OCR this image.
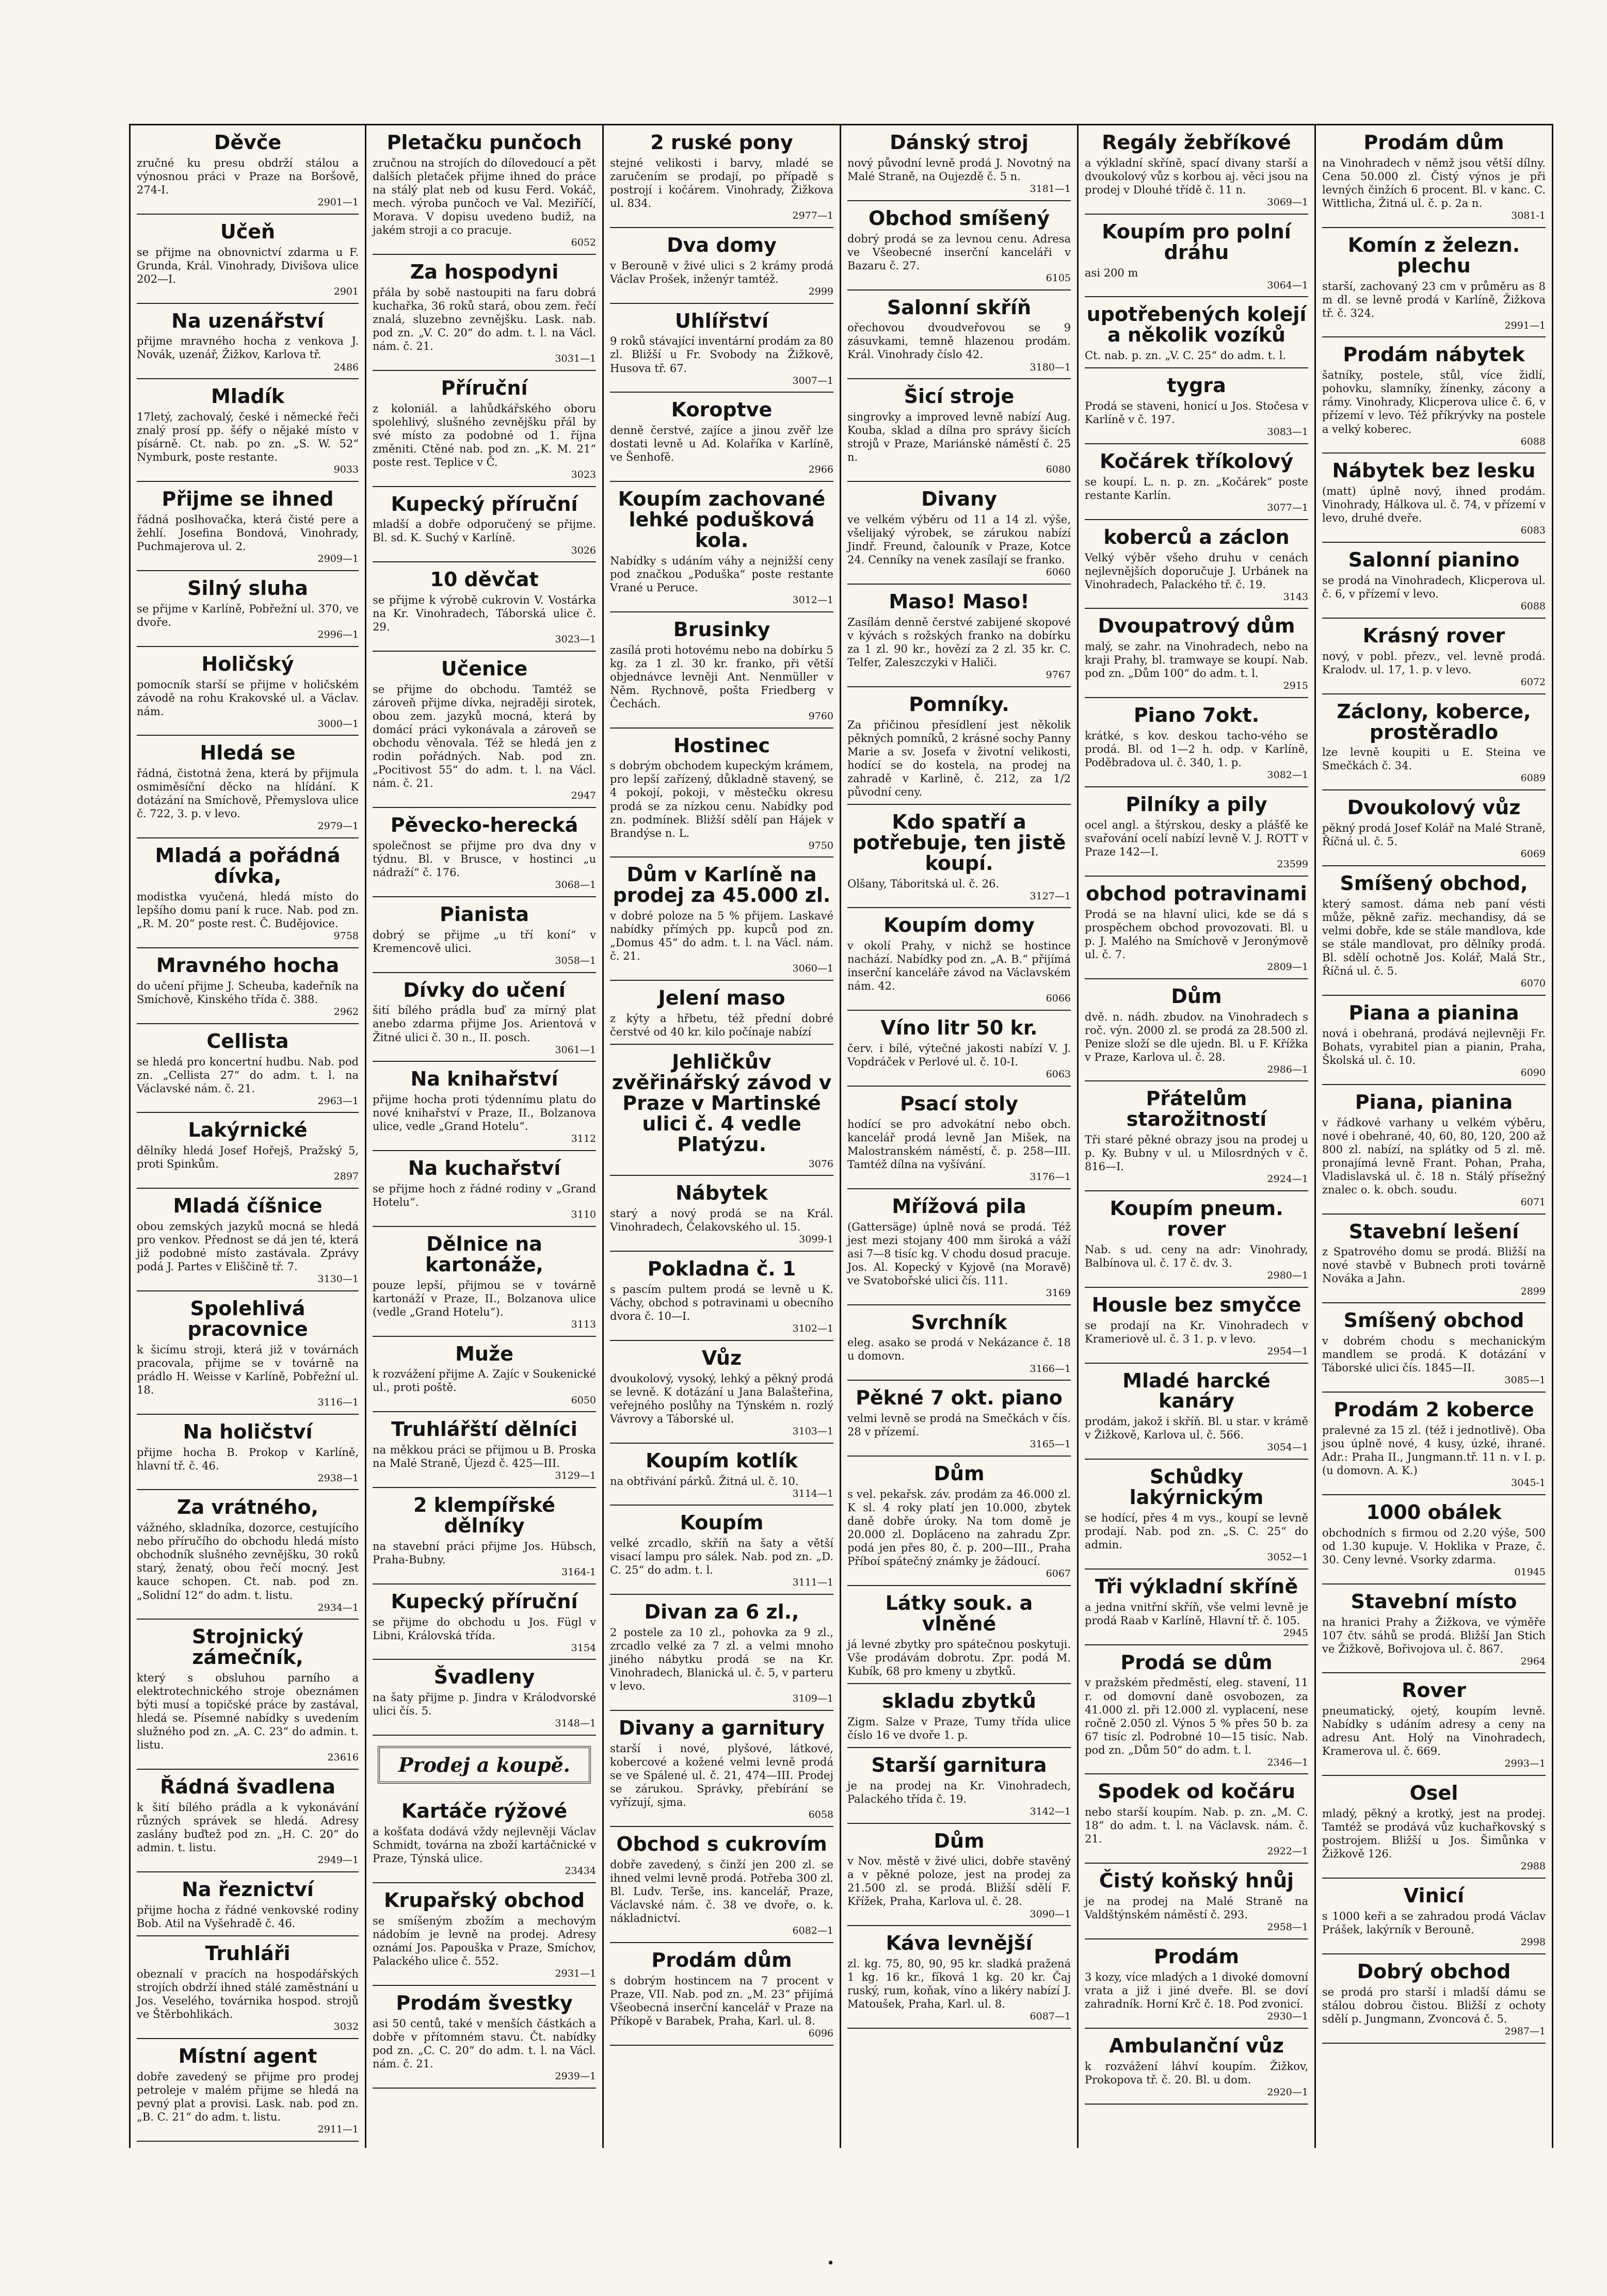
Děvče

zručné ku presu obdrží stálou a výnosnou práci v Praze na Boršově, 274-I.

2901—1
Učeň

se přijme na obnovnictví zdarma u F. Grunda, Král. Vinohrady, Divišova ulice 202—I.

2901
Na uzenářství

přijme mravného hocha z venkova J. Novák, uzenář, Žižkov, Karlova tř.

2486
Mladík

17letý, zachovalý, české i německé řeči znalý prosí pp. šéfy o nějaké místo v písárně. Ct. nab. po zn. „S. W. 52“ Nymburk, poste restante.

9033
Přijme se ihned

řádná poslhovačka, která čisté pere a žehlí. Josefina Bondová, Vinohrady, Puchmajerova ul. 2.

2909—1
Silný sluha

se přijme v Karlíně, Pobřežní ul. 370, ve dvoře.

2996—1
Holičský

pomocník starší se přijme v holičském závodě na rohu Krakovské ul. a Václav. nám.

3000—1
Hledá se

řádná, čistotná žena, která by přijmula osmiměsíční děcko na hlídání. K dotázání na Smíchově, Přemyslova ulice č. 722, 3. p. v levo.

2979—1
Mladá a pořádná dívka,

modistka vyučená, hledá místo do lepšího domu paní k ruce. Nab. pod zn. „R. M. 20“ poste rest. Č. Budějovice.

9758
Mravného hocha

do učení přijme J. Scheuba, kadeřník na Smíchově, Kinského třída č. 388.

2962
Cellista

se hledá pro koncertní hudbu. Nab. pod zn. „Cellista 27“ do adm. t. l. na Václavské nám. č. 21.

2963—1
Lakýrnické

dělníky hledá Josef Hořejš, Pražský 5, proti Spinkům.

2897
Mladá číšnice

obou zemských jazyků mocná se hledá pro venkov. Přednost se dá jen té, která již podobné místo zastávala. Zprávy podá J. Partes v Eliščině tř. 7.

3130—1
Spolehlivá pracovnice

k šicímu stroji, která již v továrnách pracovala, přijme se v továrně na prádlo H. Weisse v Karlíně, Pobřežní ul. 18.

3116—1
Na holičství

přijme hocha B. Prokop v Karlíně, hlavní tř. č. 46.

2938—1
Za vrátného,

vážného, skladníka, dozorce, cestujícího nebo příručího do obchodu hledá místo obchodník slušného zevnějšku, 30 roků starý, ženatý, obou řečí mocný. Jest kauce schopen. Ct. nab. pod zn. „Solidní 12“ do adm. t. listu.

2934—1
Strojnický zámečník,

který s obsluhou parního a elektrotechnického stroje obeznámen býti musí a topičské práce by zastával, hledá se. Písemné nabídky s uvedením služného pod zn. „A. C. 23“ do admin. t. listu.

23616
Řádná švadlena

k šití bílého prádla a k vykonávání různých správek se hledá. Adresy zaslány buďtež pod zn. „H. C. 20“ do admin. t. listu.

2949—1
Na řeznictví

přijme hocha z řádné venkovské rodiny Bob. Atil na Vyšehradě č. 46.

Truhláři

obeznalí v pracích na hospodářských strojích obdrží ihned stálé zaměstnání u Jos. Veselého, továrnika hospod. strojů ve Štěrbohlikách.

3032
Místní agent

dobře zavedený se přijme pro prodej petroleje v malém přijme se hledá na pevný plat a provisi. Lask. nab. pod zn. „B. C. 21“ do adm. t. listu.

2911—1
Pletačku punčoch

zručnou na strojích do dílovedoucí a pět dalších pletaček přijme ihned do práce na stálý plat neb od kusu Ferd. Vokáč, mech. výroba punčoch ve Val. Meziříčí, Morava. V dopisu uvedeno budiž, na jakém stroji a co pracuje.

6052
Za hospodyni

přála by sobě nastoupiti na faru dobrá kuchařka, 36 roků stará, obou zem. řečí znalá, sluzebno zevnějšku. Lask. nab. pod zn. „V. C. 20“ do adm. t. l. na Václ. nám. č. 21.

3031—1
Příruční

z koloniál. a lahůdkářského oboru spolehlivý, slušného zevnějšku přál by své místo za podobné od 1. října změniti. Ctěné nab. pod zn. „K. M. 21“ poste rest. Teplice v Č.

3023
Kupecký příruční

mladší a dobře odporučený se přijme. Bl. sd. K. Suchý v Karlíně.

3026
10 děvčat

se přijme k výrobě cukrovin V. Vostárka na Kr. Vinohradech, Táborská ulice č. 29.

3023—1
Učenice

se přijme do obchodu. Tamtéž se zároveň přijme dívka, nejraději sirotek, obou zem. jazyků mocná, která by domácí práci vykonávala a zároveň se obchodu věnovala. Též se hledá jen z rodin pořádných. Nab. pod zn. „Pocitivost 55“ do adm. t. l. na Václ. nám. č. 21.

2947
Pěvecko-herecká

společnost se přijme pro dva dny v týdnu. Bl. v Brusce, v hostinci „u nádraží“ č. 176.

3068—1
Pianista

dobrý se přijme „u tří koní“ v Kremencově ulici.

3058—1
Dívky do učení

šití bílého prádla buď za mírný plat anebo zdarma přijme Jos. Arientová v Žitné ulici č. 30 n., II. posch.

3061—1
Na knihařství

přijme hocha proti týdennímu platu do nové knihařství v Praze, II., Bolzanova ulice, vedle „Grand Hotelu“.

3112
Na kuchařství

se přijme hoch z řádné rodiny v „Grand Hotelu“.

3110
Dělnice na kartonáže,

pouze lepší, přijmou se v továrně kartonáží v Praze, II., Bolzanova ulice (vedle „Grand Hotelu“).

3113
Muže

k rozvážení přijme A. Zajíc v Soukenické ul., proti poště.

6050
Truhlářští dělníci

na měkkou práci se přijmou u B. Proska na Malé Straně, Újezd č. 425—III.

3129—1
2 klempířské dělníky

na stavební práci přijme Jos. Hübsch, Praha-Bubny.

3164-1
Kupecký příruční

se přijme do obchodu u Jos. Fügl v Libni, Královská třída.

3154
Švadleny

na šaty přijme p. Jindra v Králodvorské ulici čís. 5.

3148—1
Prodej a koupě.
Kartáče rýžové

a košťata dodává vždy nejlevněji Václav Schmidt, továrna na zboží kartáčnické v Praze, Týnská ulice.

23434
Krupařský obchod

se smíšeným zbožím a mechovým nádobím je levně na prodej. Adresy oznámí Jos. Papouška v Praze, Smíchov, Palackého ulice č. 552.

2931—1
Prodám švestky

asi 50 centů, také v menších částkách a dobře v přítomném stavu. Čt. nabídky pod zn. „C. C. 20“ do adm. t. l. na Václ. nám. č. 21.

2939—1
2 ruské pony

stejné velikosti i barvy, mladé se zaručením se prodají, po případě s postrojí i kočárem. Vinohrady, Žižkova ul. 834.

2977—1
Dva domy

v Berouně v živé ulici s 2 krámy prodá Václav Prošek, inženýr tamtéž.

2999
Uhlířství

9 roků stávající inventární prodám za 80 zl. Bližší u Fr. Svobody na Žižkově, Husova tř. 67.

3007—1
Koroptve

denně čerstvé, zajíce a jinou zvěř lze dostati levně u Ad. Kolaříka v Karlíně, ve Šenhofě.

2966
Koupím zachované lehké podušková kola.

Nabídky s udáním váhy a nejnižší ceny pod značkou „Poduška“ poste restante Vrané u Peruce.

3012—1
Brusinky

zasílá proti hotovému nebo na dobírku 5 kg. za 1 zl. 30 kr. franko, při větší objednávce levněji Ant. Nenmüller v Něm. Rychnově, pošta Friedberg v Čechách.

9760
Hostinec

s dobrým obchodem kupeckým krámem, pro lepší zařízený, důkladně stavený, se 4 pokojí, pokoji, v městečku okresu prodá se za nízkou cenu. Nabídky pod zn. podmínek. Bližší sdělí pan Hájek v Brandýse n. L.

9750
Dům v Karlíně na prodej za 45.000 zl.

v dobré poloze na 5 % přijem. Laskavé nabídky přímých pp. kupců pod zn. „Domus 45“ do adm. t. l. na Václ. nám. č. 21.

3060—1
Jelení maso

z kýty a hřbetu, též přední dobré čerstvé od 40 kr. kilo počínaje nabízí

Jehličkův zvěřinářský závod v Praze v Martinské ulici č. 4 vedle Platýzu.
3076
Nábytek

starý a nový prodá se na Král. Vinohradech, Čelakovského ul. 15.

3099-1
Pokladna č. 1

s pascím pultem prodá se levně u K. Váchy, obchod s potravinami u obecního dvora č. 10—I.

3102—1
Vůz

dvoukolový, vysoký, lehký a pěkný prodá se levně. K dotázání u Jana Balašteřina, veřejného poslůhy na Týnském n. rozlý Vávrovy a Táborské ul.

3103—1
Koupím kotlík

na obtřivání párků. Žitná ul. č. 10.

3114—1
Koupím

velké zrcadlo, skříň na šaty a větší visací lampu pro sálek. Nab. pod zn. „D. C. 25“ do adm. t. l.

3111—1
Divan za 6 zl.,

2 postele za 10 zl., pohovka za 9 zl., zrcadlo velké za 7 zl. a velmi mnoho jiného nábytku prodá se na Kr. Vinohradech, Blanická ul. č. 5, v parteru v levo.

3109—1
Divany a garnitury

starší i nové, plyšové, látkové, kobercové a kožené velmi levně prodá se ve Spálené ul. č. 21, 474—III. Prodej se zárukou. Správky, přebírání se vyřízují, sjma.

6058
Obchod s cukrovím

dobře zavedený, s činží jen 200 zl. se ihned velmi levně prodá. Potřeba 300 zl. Bl. Ludv. Terše, ins. kancelář, Praze, Václavské nám. č. 38 ve dvoře, o. k. nákladnictví.

6082—1
Prodám dům

s dobrým hostincem na 7 procent v Praze, VII. Nab. pod zn. „M. 23“ přijímá Všeobecná inserční kancelář v Praze na Příkopě v Barabek, Praha, Karl. ul. 8.

6096
Dánský stroj

nový původní levně prodá J. Novotný na Malé Straně, na Oujezdě č. 5 n.

3181—1
Obchod smíšený

dobrý prodá se za levnou cenu. Adresa ve Všeobecné inserční kanceláři v Bazaru č. 27.

6105
Salonní skříň

ořechovou dvoudveřovou se 9 zásuvkami, temně hlazenou prodám. Král. Vinohrady číslo 42.

3180—1
Šicí stroje

singrovky a improved levně nabízí Aug. Kouba, sklad a dílna pro správy šicích strojů v Praze, Mariánské náměstí č. 25 n.

6080
Divany

ve velkém výběru od 11 a 14 zl. výše, všelijaký výrobek, se zárukou nabízí Jindř. Freund, čalouník v Praze, Kotce 24. Cenníky na venek zasílají se franko.

6060
Maso! Maso!

Zasílám denně čerstvé zabijené skopové v kývách s rožských franko na dobírku za 1 zl. 90 kr., hovězí za 2 zl. 35 kr. C. Telfer, Zaleszczyki v Haliči.

9767
Pomníky.

Za přičinou přesídlení jest několik pěkných pomníků, 2 krásné sochy Panny Marie a sv. Josefa v životní velikosti, hodící se do kostela, na prodej na zahradě v Karlině, č. 212, za 1/2 původní ceny.

Kdo spatří a potřebuje, ten jistě koupí.

Olšany, Táboritská ul. č. 26.

3127—1
Koupím domy

v okolí Prahy, v nichž se hostince nachází. Nabídky pod zn. „A. B.“ přijímá inserční kanceláře závod na Václavském nám. 42.

6066
Víno litr 50 kr.

červ. i bílé, výtečné jakosti nabízí V. J. Vopdráček v Perlové ul. č. 10-I.

6063
Psací stoly

hodící se pro advokátní nebo obch. kancelář prodá levně Jan Mišek, na Malostranském náměstí, č. p. 258—III. Tamtéž dílna na vyšívání.

3176—1
Mřížová pila

(Gattersäge) úplně nová se prodá. Též jest mezi stojany 400 mm široká a váží asi 7—8 tisíc kg. V chodu dosud pracuje. Jos. Al. Kopecký v Kyjově (na Moravě) ve Svatobořské ulici čís. 111.

3169
Svrchník

eleg. asako se prodá v Nekázance č. 18 u domovn.

3166—1
Pěkné 7 okt. piano

velmi levně se prodá na Smečkách v čís. 28 v přízemí.

3165—1
Dům

s vel. pekařsk. záv. prodám za 46.000 zl. K sl. 4 roky platí jen 10.000, zbytek daně dobře úroky. Na tom domě je 20.000 zl. Dopláceno na zahradu Zpr. podá jen přes 80, č. p. 200—III., Praha Příboí spátečný známky je žádoucí.

6067
Látky souk. a vlněné

já levné zbytky pro spátečnou poskytuji. Vše prodávám dobrotu. Zpr. podá M. Kubík, 68 pro kmeny u zbytků.

skladu zbytků

Zigm. Salze v Praze, Tumy třída ulice číslo 16 ve dvoře 1. p.

Starší garnitura

je na prodej na Kr. Vinohradech, Palackého třída č. 19.

3142—1
Dům

v Nov. městě v živé ulici, dobře stavěný a v pěkné poloze, jest na prodej za 21.500 zl. se prodá. Bližší sdělí F. Křížek, Praha, Karlova ul. č. 28.

3090—1
Káva levnější

zl. kg. 75, 80, 90, 95 kr. sladká pražená 1 kg. 16 kr., fíková 1 kg. 20 kr. Čaj ruský, rum, koňak, víno a likéry nabízí J. Matoušek, Praha, Karl. ul. 8.

6087—1
Regály žebříkové

a výkladní skříně, spací divany starší a dvoukolový vůz s korbou aj. věci jsou na prodej v Dlouhé třídě č. 11 n.

3069—1
Koupím pro polní dráhu

asi 200 m

3064—1
upotřebených kolejí a několik vozíků

Ct. nab. p. zn. „V. C. 25“ do adm. t. l.

tygra

Prodá se staveni, honicí u Jos. Stočesa v Karlíně v č. 197.

3083—1
Kočárek tříkolový

se koupí. L. n. p. zn. „Kočárek“ poste restante Karlín.

3077—1
koberců a záclon

Velký výběr všeho druhu v cenách nejlevnějších doporučuje J. Urbánek na Vinohradech, Palackého tř. č. 19.

3143
Dvoupatrový dům

malý, se zahr. na Vinohradech, nebo na kraji Prahy, bl. tramwaye se koupí. Nab. pod zn. „Dům 100“ do adm. t. l.

2915
Piano 7okt.

krátké, s kov. deskou tacho-vého se prodá. Bl. od 1—2 h. odp. v Karlíně, Poděbradova ul. č. 340, 1. p.

3082—1
Pilníky a pily

ocel angl. a štýrskou, desky a plášťě ke svařování ocelí nabízí levně V. J. ROTT v Praze 142—I.

23599
obchod potravinami

Prodá se na hlavní ulici, kde se dá s prospěchem obchod provozovati. Bl. u p. J. Malého na Smíchově v Jeronýmově ul. č. 7.

2809—1
Dům

dvě. n. nádh. zbudov. na Vinohradech s roč. výn. 2000 zl. se prodá za 28.500 zl. Penize složí se dle ujedn. Bl. u F. Křížka v Praze, Karlova ul. č. 28.

2986—1
Přátelům starožitností

Tři staré pěkné obrazy jsou na prodej u p. Ky. Bubny v ul. u Milosrdných v č. 816—I.

2924—1
Koupím pneum. rover

Nab. s ud. ceny na adr: Vinohrady, Balbínova ul. č. 17 č. dv. 3.

2980—1
Housle bez smyčce

se prodají na Kr. Vinohradech v Krameriově ul. č. 3 1. p. v levo.

2954—1
Mladé harcké kanáry

prodám, jakož i skříň. Bl. u star. v krámě v Žižkově, Karlova ul. č. 566.

3054—1
Schůdky lakýrnickým

se hodící, přes 4 m vys., koupí se levně prodají. Nab. pod zn. „S. C. 25“ do admin.

3052—1
Tři výkladní skříně

a jedna vnitřní skříň, vše velmi levně je prodá Raab v Karlíně, Hlavní tř. č. 105.

2945
Prodá se dům

v pražském předměstí, eleg. stavení, 11 r. od domovní daně osvobozen, za 41.000 zl. při 12.000 zl. vyplacení, nese ročně 2.050 zl. Výnos 5 % přes 50 b. za 67 tisíc zl. Podrobné 10—15 tisíc. Nab. pod zn. „Dům 50“ do adm. t. l.

2346—1
Spodek od kočáru

nebo starší koupím. Nab. p. zn. „M. C. 18“ do adm. t. l. na Václavsk. nám. č. 21.

2922—1
Čistý koňský hnůj

je na prodej na Malé Straně na Valdštýnském náměstí č. 293.

2958—1
Prodám

3 kozy, více mladých a 1 divoké domovní vrata a již i jiné dveře. Bl. se doví zahradník. Horní Krč č. 18. Pod zvonicí.

2930—1
Ambulanční vůz

k rozvážení láhví koupím. Žižkov, Prokopova tř. č. 20. Bl. u dom.

2920—1
Prodám dům

na Vinohradech v němž jsou větší dílny. Cena 50.000 zl. Čistý výnos je při levných činžích 6 procent. Bl. v kanc. C. Wittlicha, Žitná ul. č. p. 2a n.

3081-1
Komín z železn. plechu

starší, zachovaný 23 cm v průměru as 8 m dl. se levně prodá v Karlíně, Žižkova tř. č. 324.

2991—1
Prodám nábytek

šatníky, postele, stůl, více židlí, pohovku, slamníky, žínenky, zácony a rámy. Vinohrady, Klicperova ulice č. 6, v přízemí v levo. Též příkrývky na postele a velký koberec.

6088
Nábytek bez lesku

(matt) úplně nový, ihned prodám. Vinohrady, Hálkova ul. č. 74, v přízemí v levo, druhé dveře.

6083
Salonní pianino

se prodá na Vinohradech, Klicperova ul. č. 6, v přízemí v levo.

6088
Krásný rover

nový, v pobl. přezv., vel. levně prodá. Kralodv. ul. 17, 1. p. v levo.

6072
Záclony, koberce, prostěradlo

lze levně koupiti u E. Steina ve Smečkách č. 34.

6089
Dvoukolový vůz

pěkný prodá Josef Kolář na Malé Straně, Říčná ul. č. 5.

6069
Smíšený obchod,

který samost. dáma neb paní vésti může, pěkně zařiz. mechandisy, dá se velmi dobře, kde se stále mandlova, kde se stále mandlovat, pro dělníky prodá. Bl. sdělí ochotně Jos. Kolář, Malá Str., Říčná ul. č. 5.

6070
Piana a pianina

nová i obehraná, prodává nejlevněji Fr. Bohats, vyrabitel pian a pianin, Praha, Školská ul. č. 10.

6090
Piana, pianina

v řádkové varhany u velkém výběru, nové i obehrané, 40, 60, 80, 120, 200 až 800 zl. nabízí, na splátky od 5 zl. mě. pronajímá levně Frant. Pohan, Praha, Vladislavská ul. č. 18 n. Stálý přísežný znalec o. k. obch. soudu.

6071
Stavební lešení

z Spatrového domu se prodá. Bližší na nové stavbě v Bubnech proti továrně Nováka a Jahn.

2899
Smíšený obchod

v dobrém chodu s mechanickým mandlem se prodá. K dotázání v Táborské ulici čís. 1845—II.

3085—1
Prodám 2 koberce

pralevné za 15 zl. (též i jednotlivě). Oba jsou úplně nové, 4 kusy, úzké, ihrané. Adr.: Praha II., Jungmann.tř. 11 n. v I. p. (u domovn. A. K.)

3045-1
1000 obálek

obchodních s firmou od 2.20 výše, 500 od 1.30 kupuje. V. Hoklika v Praze, č. 30. Ceny levné. Vsorky zdarma.

01945
Stavební místo

na hranici Prahy a Žižkova, ve výměře 107 čtv. sáhů se prodá. Bližší Jan Stich ve Žižkově, Bořivojova ul. č. 867.

2964
Rover

pneumatický, ojetý, koupím levně. Nabídky s udáním adresy a ceny na adresu Ant. Holý na Vinohradech, Kramerova ul. č. 669.

2993—1
Osel

mladý, pěkný a krotký, jest na prodej. Tamtéž se prodává vůz kuchařkovský s postrojem. Bližší u Jos. Šimůnka v Žižkově 126.

2988
Vinicí

s 1000 keři a se zahradou prodá Václav Prášek, lakýrník v Berouně.

2998
Dobrý obchod

se prodá pro starší i mladší dámu se stálou dobrou čistou. Bližší z ochoty sdělí p. Jungmann, Zvoncová č. 5.

2987—1
•
